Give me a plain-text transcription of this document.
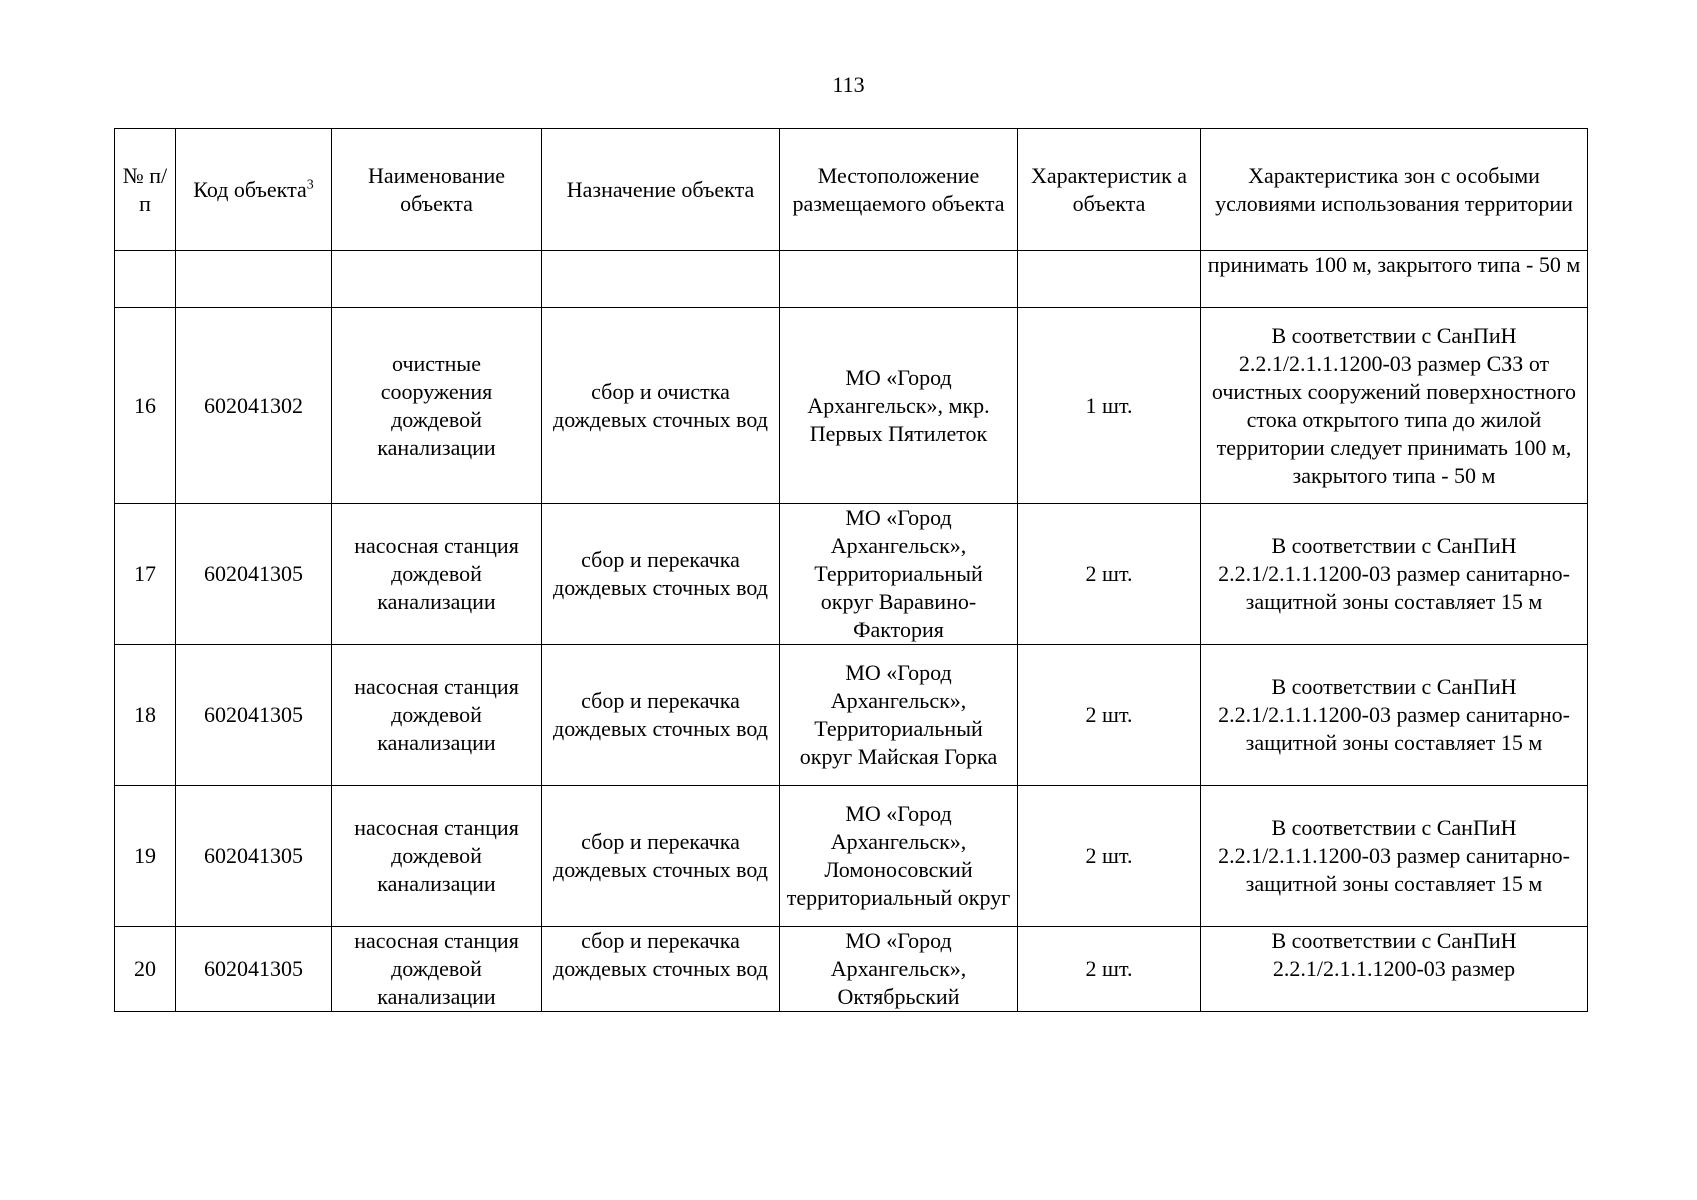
113
№ п/п	Код объекта$^3$	Наименование объекта	Назначение объекта	Местоположение размещаемого объекта	Характеристик а объекта	Характеристика зон с особыми условиями использования территории
						принимать 100 м, закрытого типа - 50 м
16	602041302	очистные сооружения дождевой канализации	сбор и очистка дождевых сточных вод	МО «Город Архангельск», мкр. Первых Пятилеток	1 шт.	В соответствии с СанПиН 2.2.1/2.1.1.1200-03 размер СЗЗ от очистных сооружений поверхностного стока открытого типа до жилой территории следует принимать 100 м, закрытого типа - 50 м
17	602041305	насосная станция дождевой канализации	сбор и перекачка дождевых сточных вод	МО «Город Архангельск», Территориальный округ Варавино-Фактория	2 шт.	В соответствии с СанПиН 2.2.1/2.1.1.1200-03 размер санитарно-защитной зоны составляет 15 м
18	602041305	насосная станция дождевой канализации	сбор и перекачка дождевых сточных вод	МО «Город Архангельск», Территориальный округ Майская Горка	2 шт.	В соответствии с СанПиН 2.2.1/2.1.1.1200-03 размер санитарно-защитной зоны составляет 15 м
19	602041305	насосная станция дождевой канализации	сбор и перекачка дождевых сточных вод	МО «Город Архангельск», Ломоносовский территориальный округ	2 шт.	В соответствии с СанПиН 2.2.1/2.1.1.1200-03 размер санитарно-защитной зоны составляет 15 м
20	602041305	насосная станция дождевой канализации	сбор и перекачка дождевых сточных вод	МО «Город Архангельск», Октябрьский	2 шт.	В соответствии с СанПиН 2.2.1/2.1.1.1200-03 размер
